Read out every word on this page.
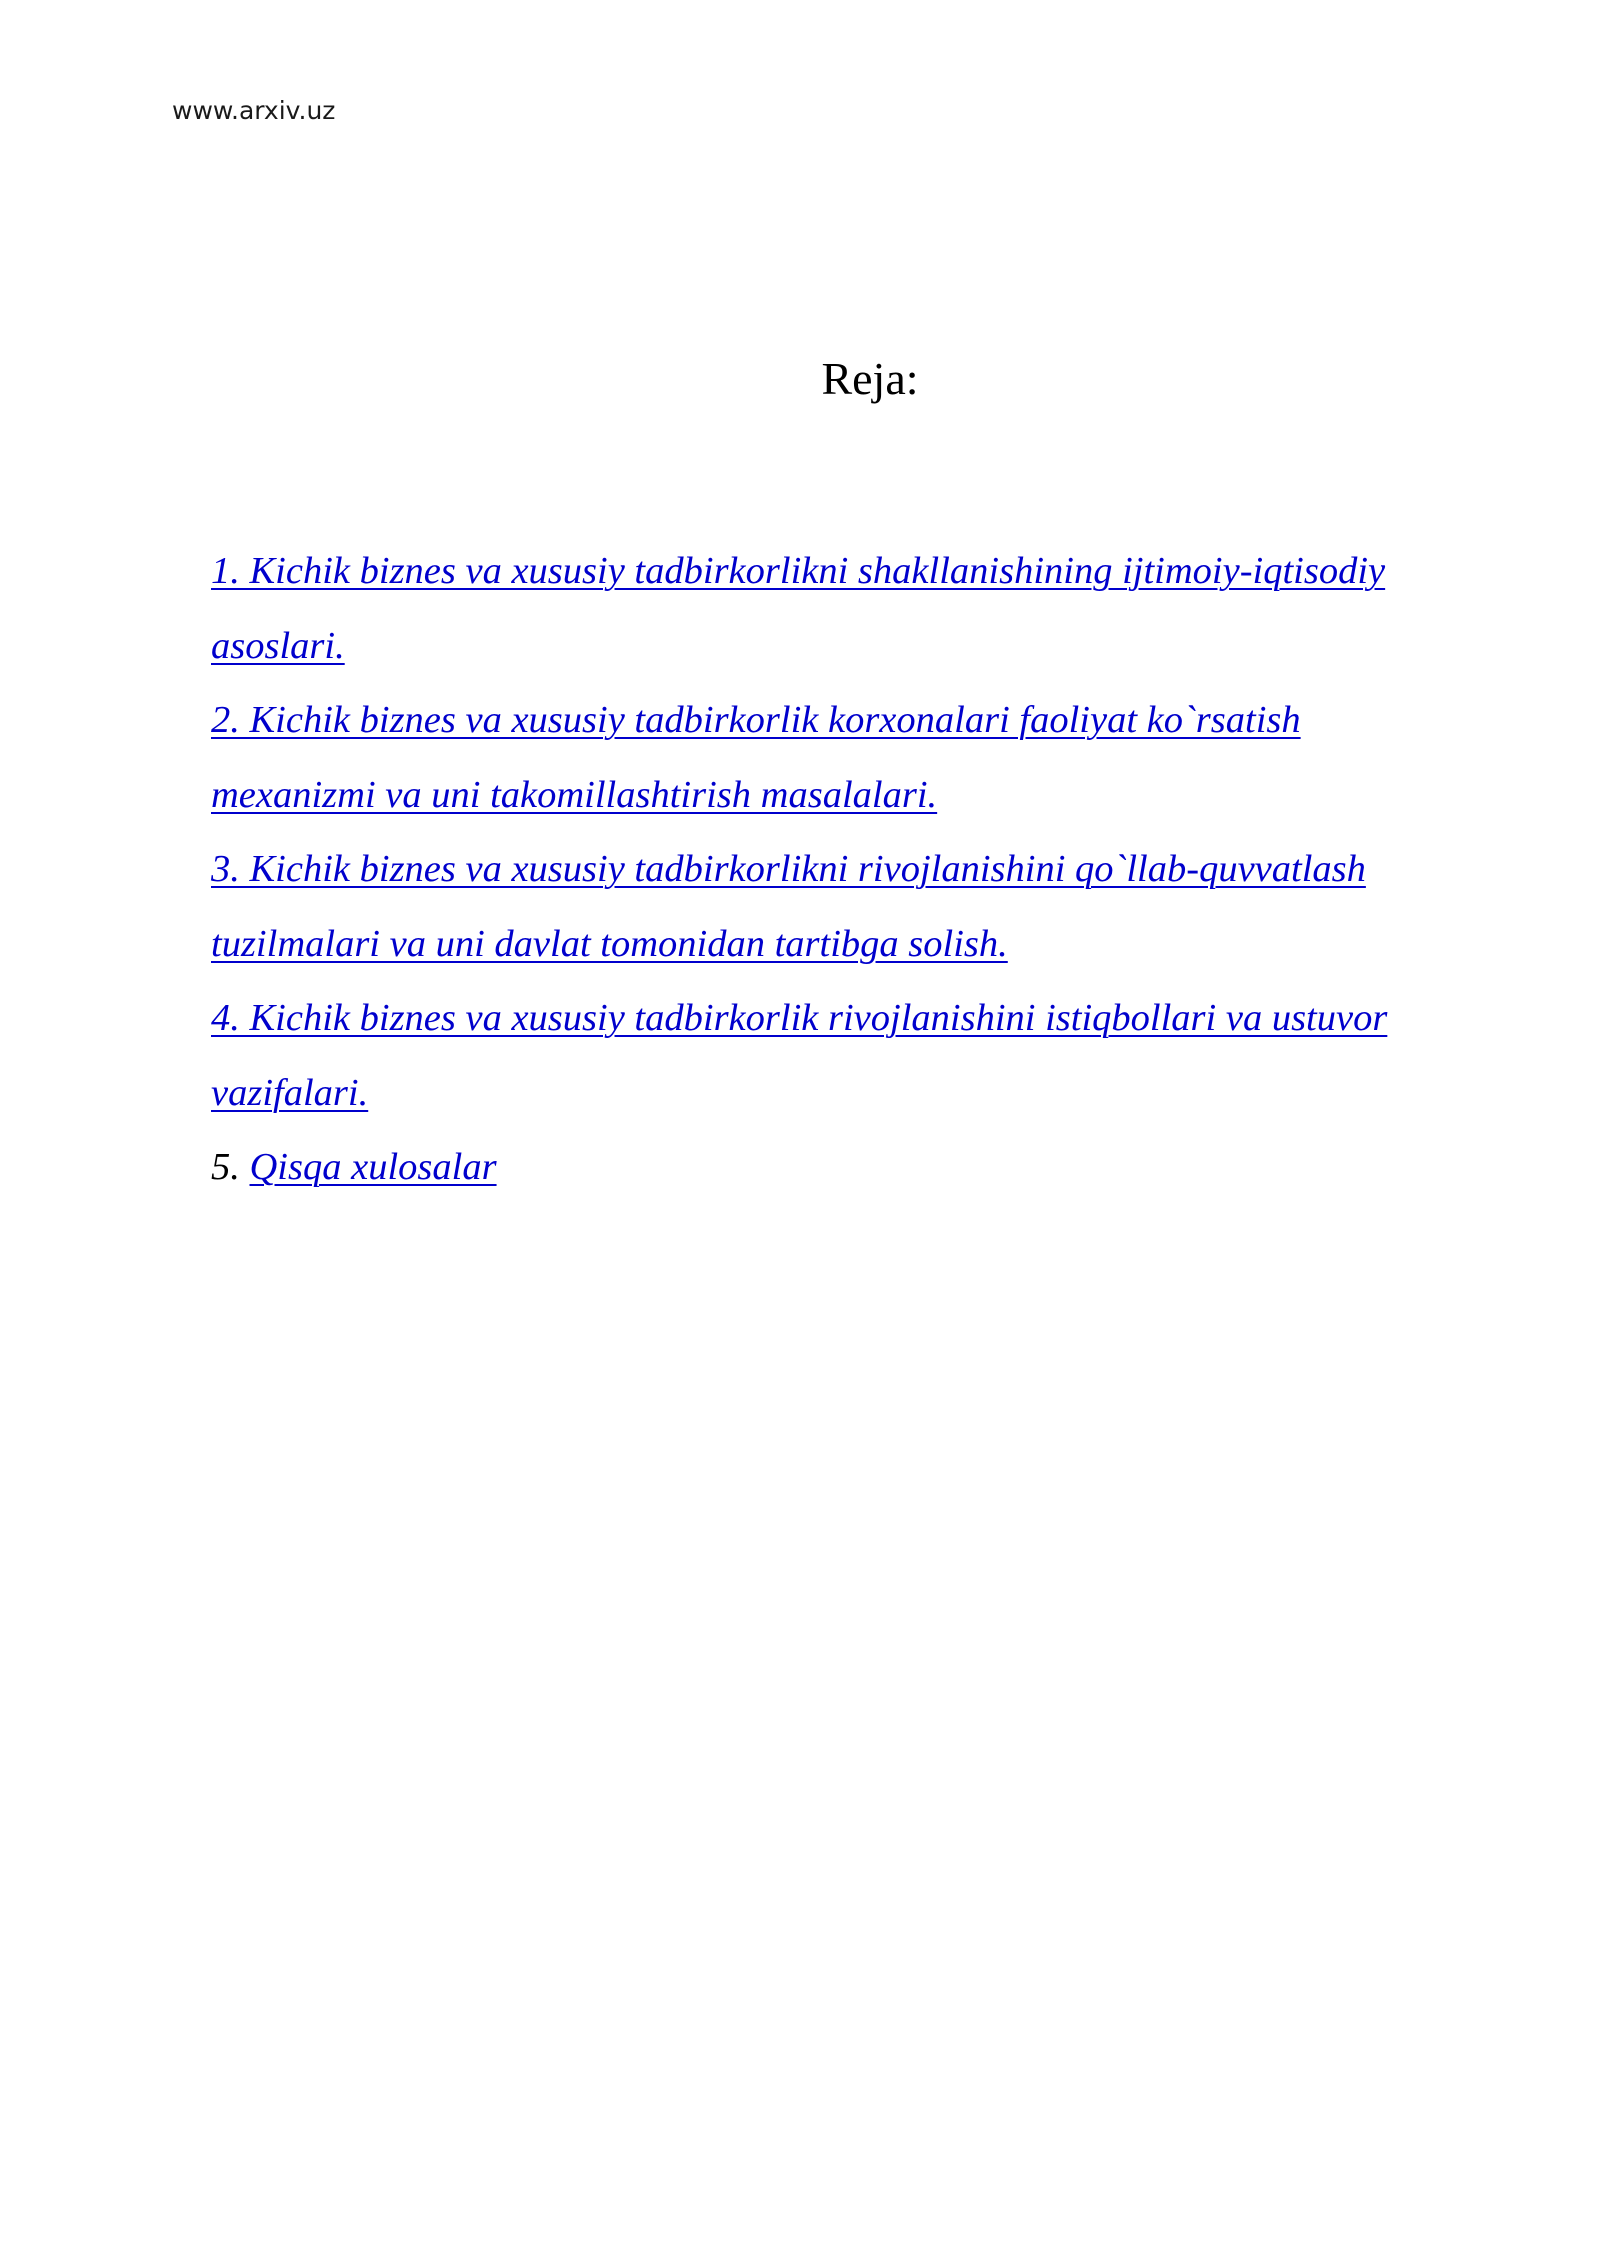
www.arxiv.uz
Reja:
1. Kichik biznes va xususiy tadbirkorlikni shakllanishining ijtimoiy-iqtisodiy asoslari.
2. Kichik biznes va xususiy tadbirkorlik korxonalari faoliyat ko`rsatish mexanizmi va uni takomillashtirish masalalari.
3. Kichik biznes va xususiy tadbirkorlikni rivojlanishini qo`llab-quvvatlash tuzilmalari va uni davlat tomonidan tartibga solish.
4. Kichik biznes va xususiy tadbirkorlik rivojlanishini istiqbollari va ustuvor vazifalari.
5. Qisqa xulosalar
